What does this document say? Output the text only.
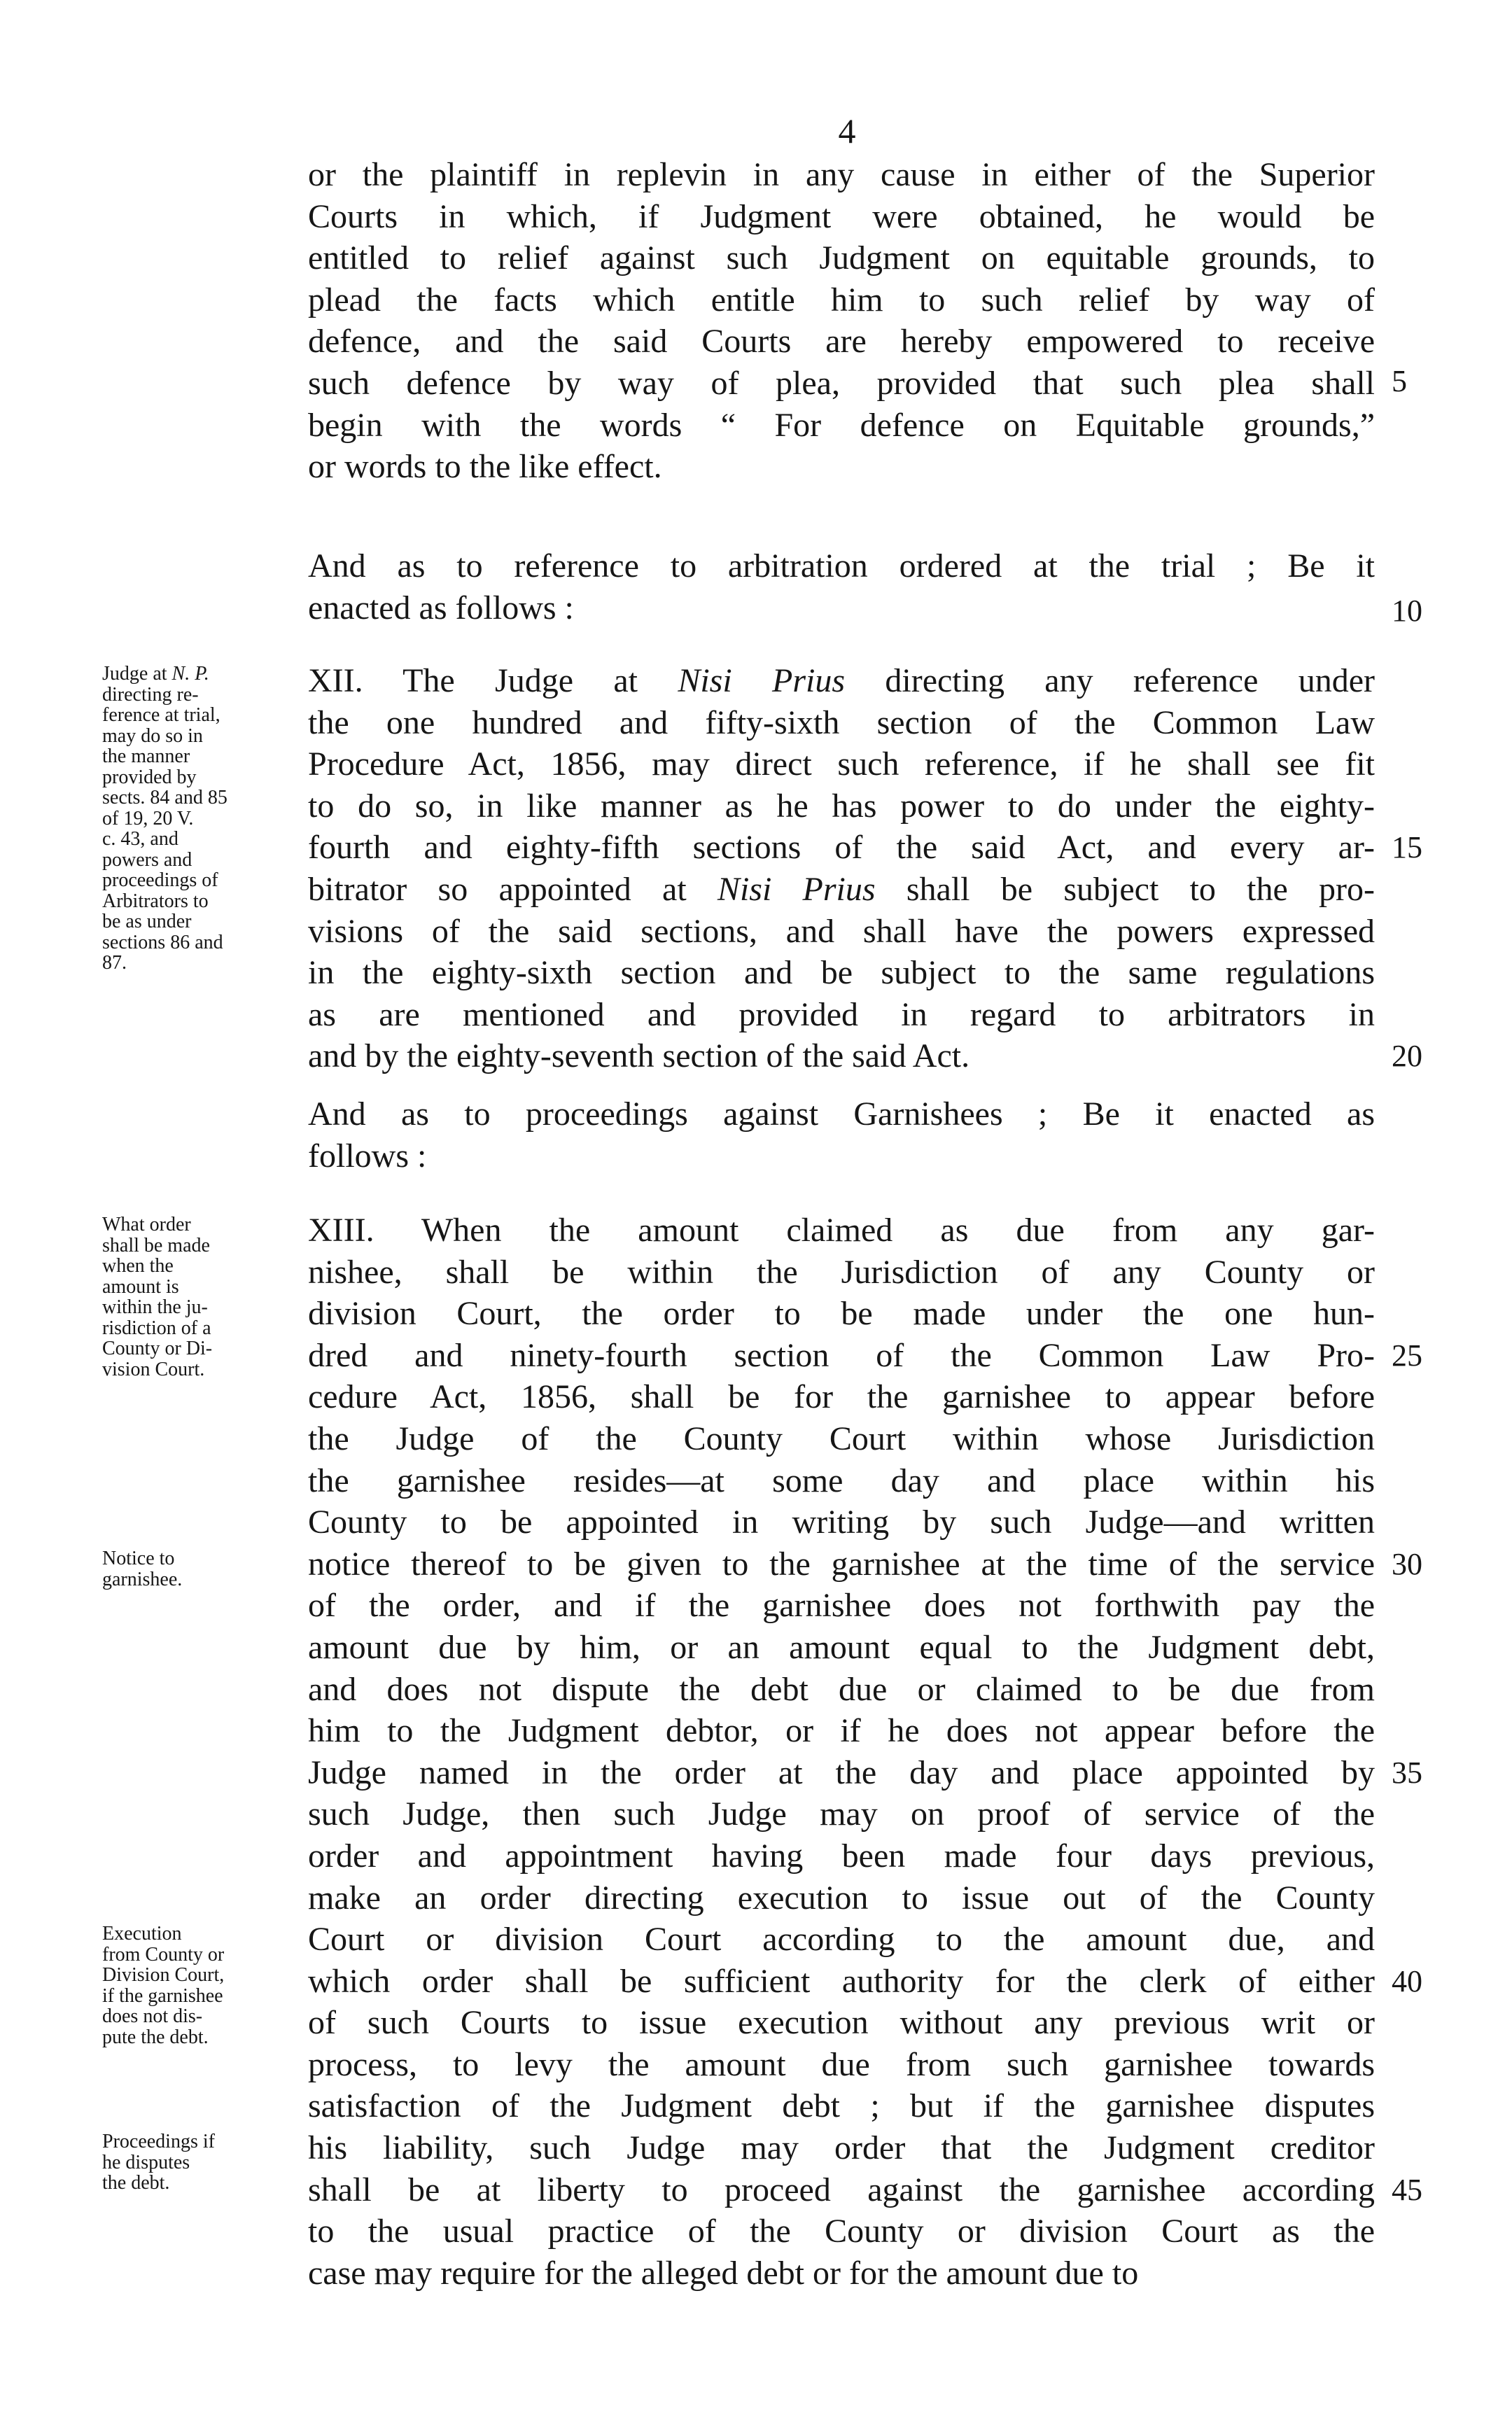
4
or the plaintiff in replevin in any cause in either of the Superior
Courts in which, if Judgment were obtained, he would be
entitled to relief against such Judgment on equitable grounds, to
plead the facts which entitle him to such relief by way of
defence, and the said Courts are hereby empowered to receive
such defence by way of plea, provided that such plea shall
begin with the words “ For defence on Equitable grounds,”
or words to the like effect.
And as to reference to arbitration ordered at the trial ; Be it
enacted as follows :
XII. The Judge at Nisi Prius directing any reference under
the one hundred and fifty-sixth section of the Common Law
Procedure Act, 1856, may direct such reference, if he shall see fit
to do so, in like manner as he has power to do under the eighty-
fourth and eighty-fifth sections of the said Act, and every ar-
bitrator so appointed at Nisi Prius shall be subject to the pro-
visions of the said sections, and shall have the powers expressed
in the eighty-sixth section and be subject to the same regulations
as are mentioned and provided in regard to arbitrators in
and by the eighty-seventh section of the said Act.
And as to proceedings against Garnishees ; Be it enacted as
follows :
XIII. When the amount claimed as due from any gar-
nishee, shall be within the Jurisdiction of any County or
division Court, the order to be made under the one hun-
dred and ninety-fourth section of the Common Law Pro-
cedure Act, 1856, shall be for the garnishee to appear before
the Judge of the County Court within whose Jurisdiction
the garnishee resides—at some day and place within his
County to be appointed in writing by such Judge—and written
notice thereof to be given to the garnishee at the time of the service
of the order, and if the garnishee does not forthwith pay the
amount due by him, or an amount equal to the Judgment debt,
and does not dispute the debt due or claimed to be due from
him to the Judgment debtor, or if he does not appear before the
Judge named in the order at the day and place appointed by
such Judge, then such Judge may on proof of service of the
order and appointment having been made four days previous,
make an order directing execution to issue out of the County
Court or division Court according to the amount due, and
which order shall be sufficient authority for the clerk of either
of such Courts to issue execution without any previous writ or
process, to levy the amount due from such garnishee towards
satisfaction of the Judgment debt ; but if the garnishee disputes
his liability, such Judge may order that the Judgment creditor
shall be at liberty to proceed against the garnishee according
to the usual practice of the County or division Court as the
case may require for the alleged debt or for the amount due to
5
10
15
20
25
30
35
40
45
Judge at N. P.
directing re-
ference at trial,
may do so in
the manner
provided by
sects. 84 and 85
of 19, 20 V.
c. 43, and
powers and
proceedings of
Arbitrators to
be as under
sections 86 and
87.
What order
shall be made
when the
amount is
within the ju-
risdiction of a
County or Di-
vision Court.
Notice to
garnishee.
Execution
from County or
Division Court,
if the garnishee
does not dis-
pute the debt.
Proceedings if
he disputes
the debt.
